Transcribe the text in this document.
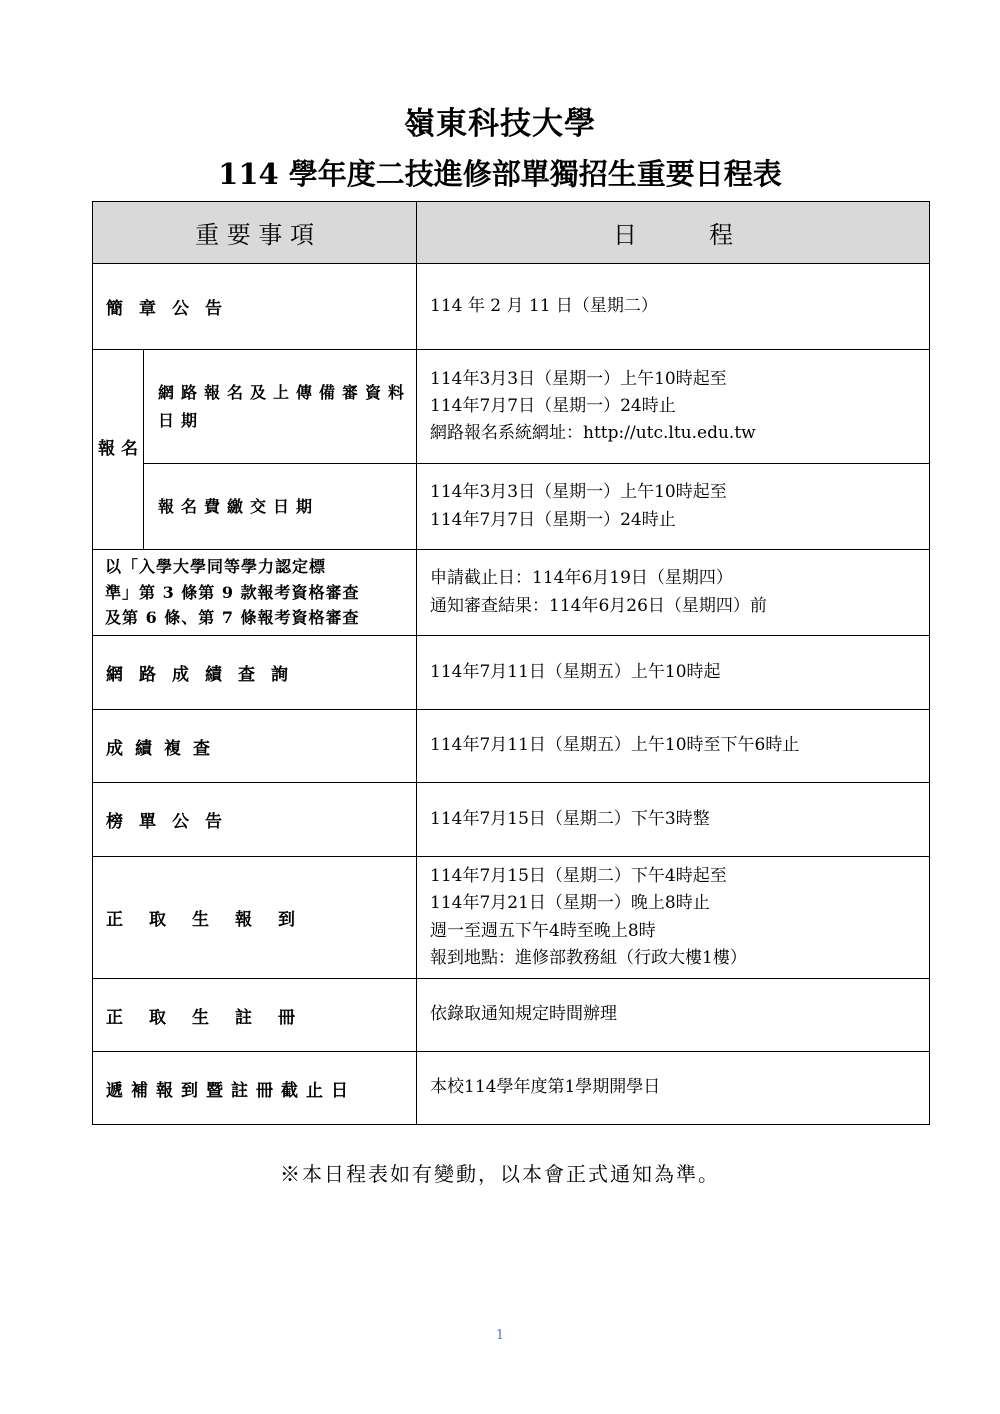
嶺東科技大學
114 學年度二技進修部單獨招生重要日程表
重 要 事 項		日　　　程
簡章公告		114 年 2 月 11 日（星期二）
報 名	網路報名及上傳備審資料日期	114年3月3日（星期一）上午10時起至
114年7月7日（星期一）24時止
網路報名系統網址：http://utc.ltu.edu.tw

	報名費繳交日期	114年3月3日（星期一）上午10時起至
114年7月7日（星期一）24時止

以「入學大學同等學力認定標
準」第 3 條第 9 款報考資格審查
及第 6 條、第 7 條報考資格審查		申請截止日：114年6月19日（星期四）
通知審查結果：114年6月26日（星期四）前

網路成績查詢		114年7月11日（星期五）上午10時起
成績複查		114年7月11日（星期五）上午10時至下午6時止
榜單公告		114年7月15日（星期二）下午3時整
正取生報到		114年7月15日（星期二）下午4時起至
114年7月21日（星期一）晚上8時止
週一至週五下午4時至晚上8時
報到地點：進修部教務組（行政大樓1樓）

正取生註冊		依錄取通知規定時間辦理
遞補報到暨註冊截止日		本校114學年度第1學期開學日
※本日程表如有變動，以本會正式通知為準。
1
